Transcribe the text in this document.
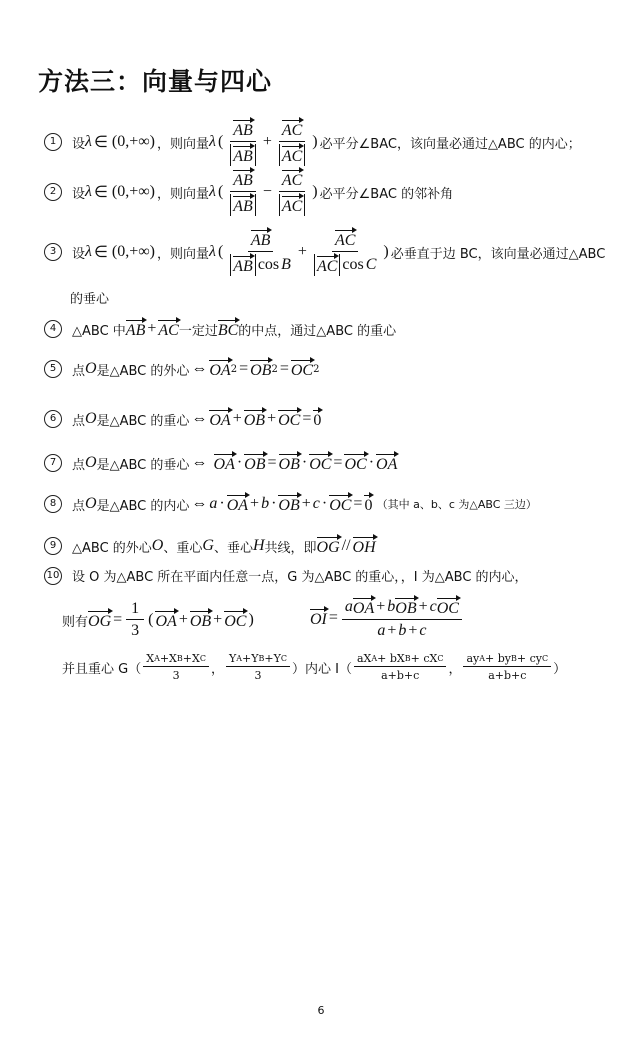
方法三：向量与四心
1	设 λ ∈ (0,+∞) ，则向量 λ ( $\frac{AB}{AB} + \frac{AC}{AC}$ ) 必平分∠BAC，该向量必通过△ABC 的内心；
2	设 λ ∈ (0,+∞) ，则向量 λ ( $\frac{AB}{AB} - \frac{AC}{AC}$ ) 必平分∠BAC 的邻补角
3	设 λ ∈ (0,+∞) ，则向量 λ ( $\frac{AB}{\text{AB cos B}} + \frac{AC}{\text{AC cos C}}$ ) 必垂直于边 BC，该向量必通过△ABC
的垂心
4	△ABC 中 AB + AC 一定过 BC 的中点，通过△ABC 的重心
5	点 O 是△ABC 的外心 ⇔ OA 2 = OB 2 = OC 2
6	点 O 是△ABC 的重心 ⇔ OA + OB + OC = 0
7	点 O 是△ABC 的垂心 ⇔
OA · OB = OB · OC = OC · OA
8	点 O 是△ABC 的内心 ⇔ a · OA + b · OB + c · OC = 0
（其中 a、b、c 为△ABC 三边）
9	△ABC 的外心 O 、重心 G 、垂心 H 共线，即 OG // OH
10 设 O 为△ABC 所在平面内任意一点，G 为△ABC 的重心，，I 为△ABC 的内心，
则有 OG = $\frac{1}{3}$ ( OA + OB + OC )	OI = $\frac{\text{a OA + b OB + c OC}}{a + b + c}$
并且重心 $G( \frac{\text{X A +X B +X C}}{3}$ ， $\frac{\text{Y A +Y B +Y C}}{3}$ ） 内心 $I( \frac{\text{aX A + bX B + cX C}}{a+b+c}$ ， $\frac{\text{ay A + by B + cy C}}{a+b+c}$ ）
6
